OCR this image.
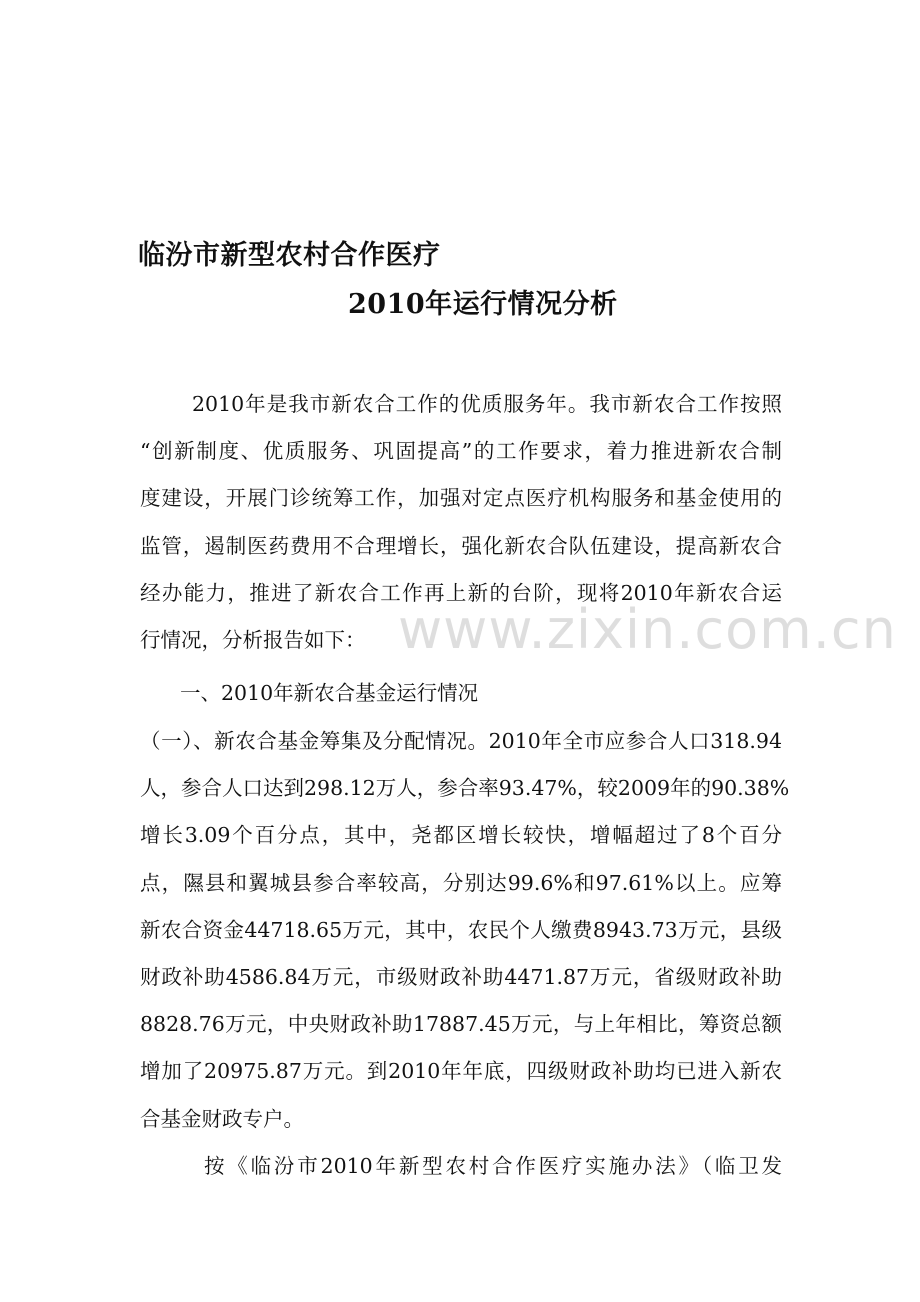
临汾市新型农村合作医疗
2010年运行情况分析
2010年是我市新农合工作的优质服务年。我市新农合工作按照
“创新制度、优质服务、巩固提高”的工作要求，着力推进新农合制
度建设，开展门诊统筹工作，加强对定点医疗机构服务和基金使用的
监管，遏制医药费用不合理增长，强化新农合队伍建设，提高新农合
经办能力，推进了新农合工作再上新的台阶，现将2010年新农合运
行情况，分析报告如下：
一、2010年新农合基金运行情况
（一）、新农合基金筹集及分配情况。2010年全市应参合人口318.94
人，参合人口达到298.12万人，参合率93.47%，较2009年的90.38%
增长3.09个百分点，其中，尧都区增长较快，增幅超过了8个百分
点，隰县和翼城县参合率较高，分别达99.6%和97.61%以上。应筹
新农合资金44718.65万元，其中，农民个人缴费8943.73万元，县级
财政补助4586.84万元，市级财政补助4471.87万元，省级财政补助
8828.76万元，中央财政补助17887.45万元，与上年相比，筹资总额
增加了20975.87万元。到2010年年底，四级财政补助均已进入新农
合基金财政专户。
按《临汾市2010年新型农村合作医疗实施办法》（临卫发
www.zixin.com.cn
